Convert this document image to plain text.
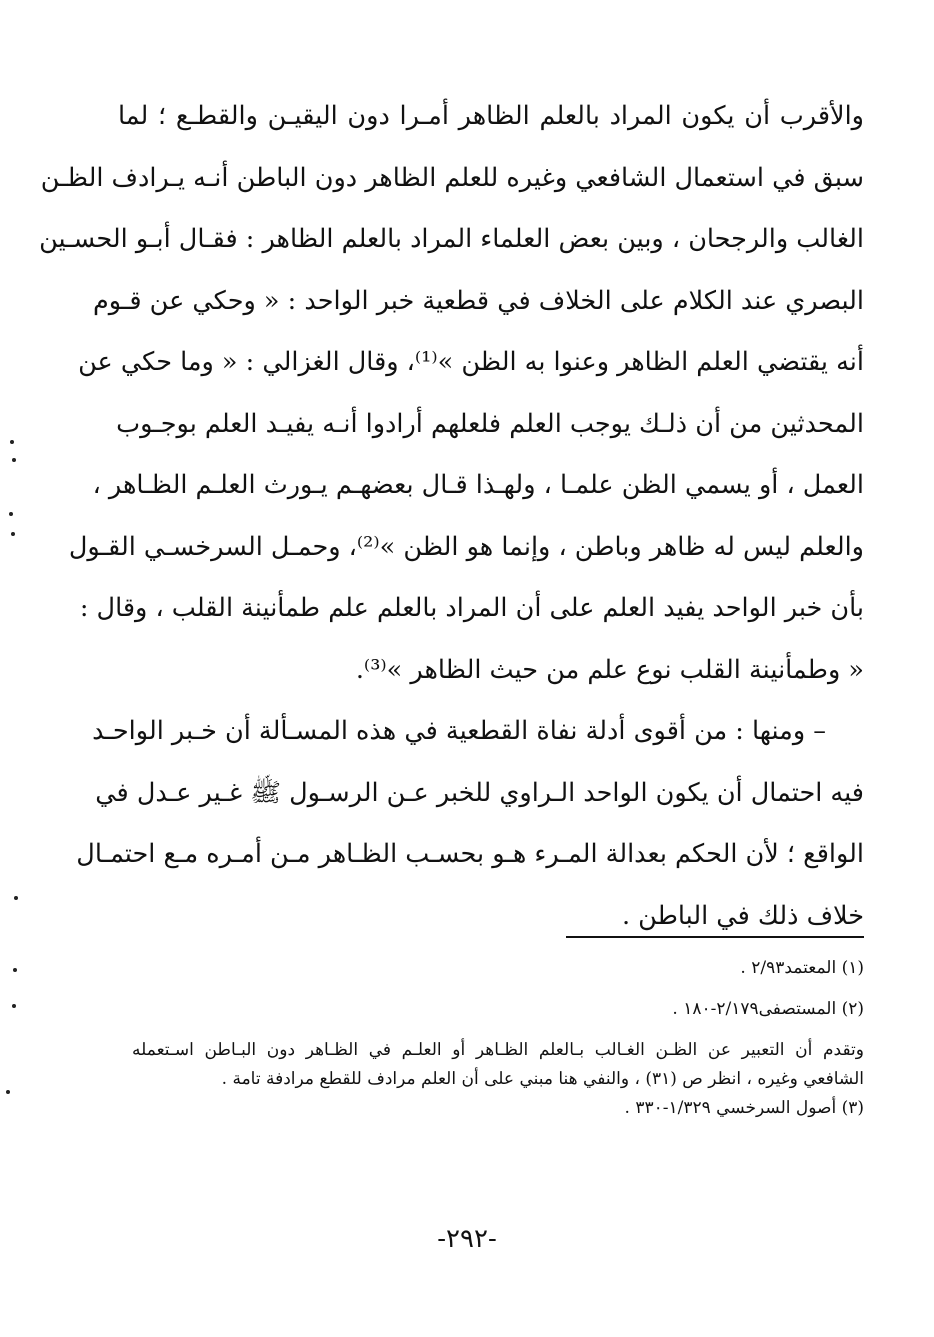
والأقرب أن يكون المراد بالعلم الظاهر أمـرا دون اليقيـن والقطـع ؛ لما
سبق في استعمال الشافعي وغيره للعلم الظاهر دون الباطن أنـه يـرادف الظـن
الغالب والرجحان ، وبين بعض العلماء المراد بالعلم الظاهر : فقـال أبـو الحسـين
البصري عند الكلام على الخلاف في قطعية خبر الواحد : « وحكي عن قـوم
أنه يقتضي العلم الظاهر وعنوا به الظن »⁽¹⁾، وقال الغزالي : « وما حكي عن
المحدثين من أن ذلـك يوجب العلم فلعلهم أرادوا أنـه يفيـد العلم بوجـوب
العمل ، أو يسمي الظن علمـا ، ولهـذا قـال بعضهـم يـورث العلـم الظـاهر ،
والعلم ليس له ظاهر وباطن ، وإنما هو الظن »⁽²⁾، وحمـل السرخسـي القـول
بأن خبر الواحد يفيد العلم على أن المراد بالعلم علم طمأنينة القلب ، وقال :
« وطمأنينة القلب نوع علم من حيث الظاهر »⁽³⁾.
– ومنها : من أقوى أدلة نفاة القطعية في هذه المسـألة أن خـبر الواحـد
فيه احتمال أن يكون الواحد الـراوي للخبر عـن الرسـول ﷺ غـير عـدل في
الواقع ؛ لأن الحكم بعدالة المـرء هـو بحسـب الظـاهر مـن أمـره مـع احتمـال
خلاف ذلك في الباطن .
(١) المعتمد٢/٩٣ .
(٢) المستصفى٢/١٧٩-١٨٠ .
وتقدم أن التعبير عن الظـن الغـالب بـالعلم الظـاهر أو العلـم في الظـاهر دون البـاطن اسـتعمله
الشافعي وغيره ، انظر ص (٣١) ، والنفي هنا مبني على أن العلم مرادف للقطع مرادفة تامة .
(٣) أصول السرخسي ١/٣٢٩-٣٣٠ .
-٢٩٢-
